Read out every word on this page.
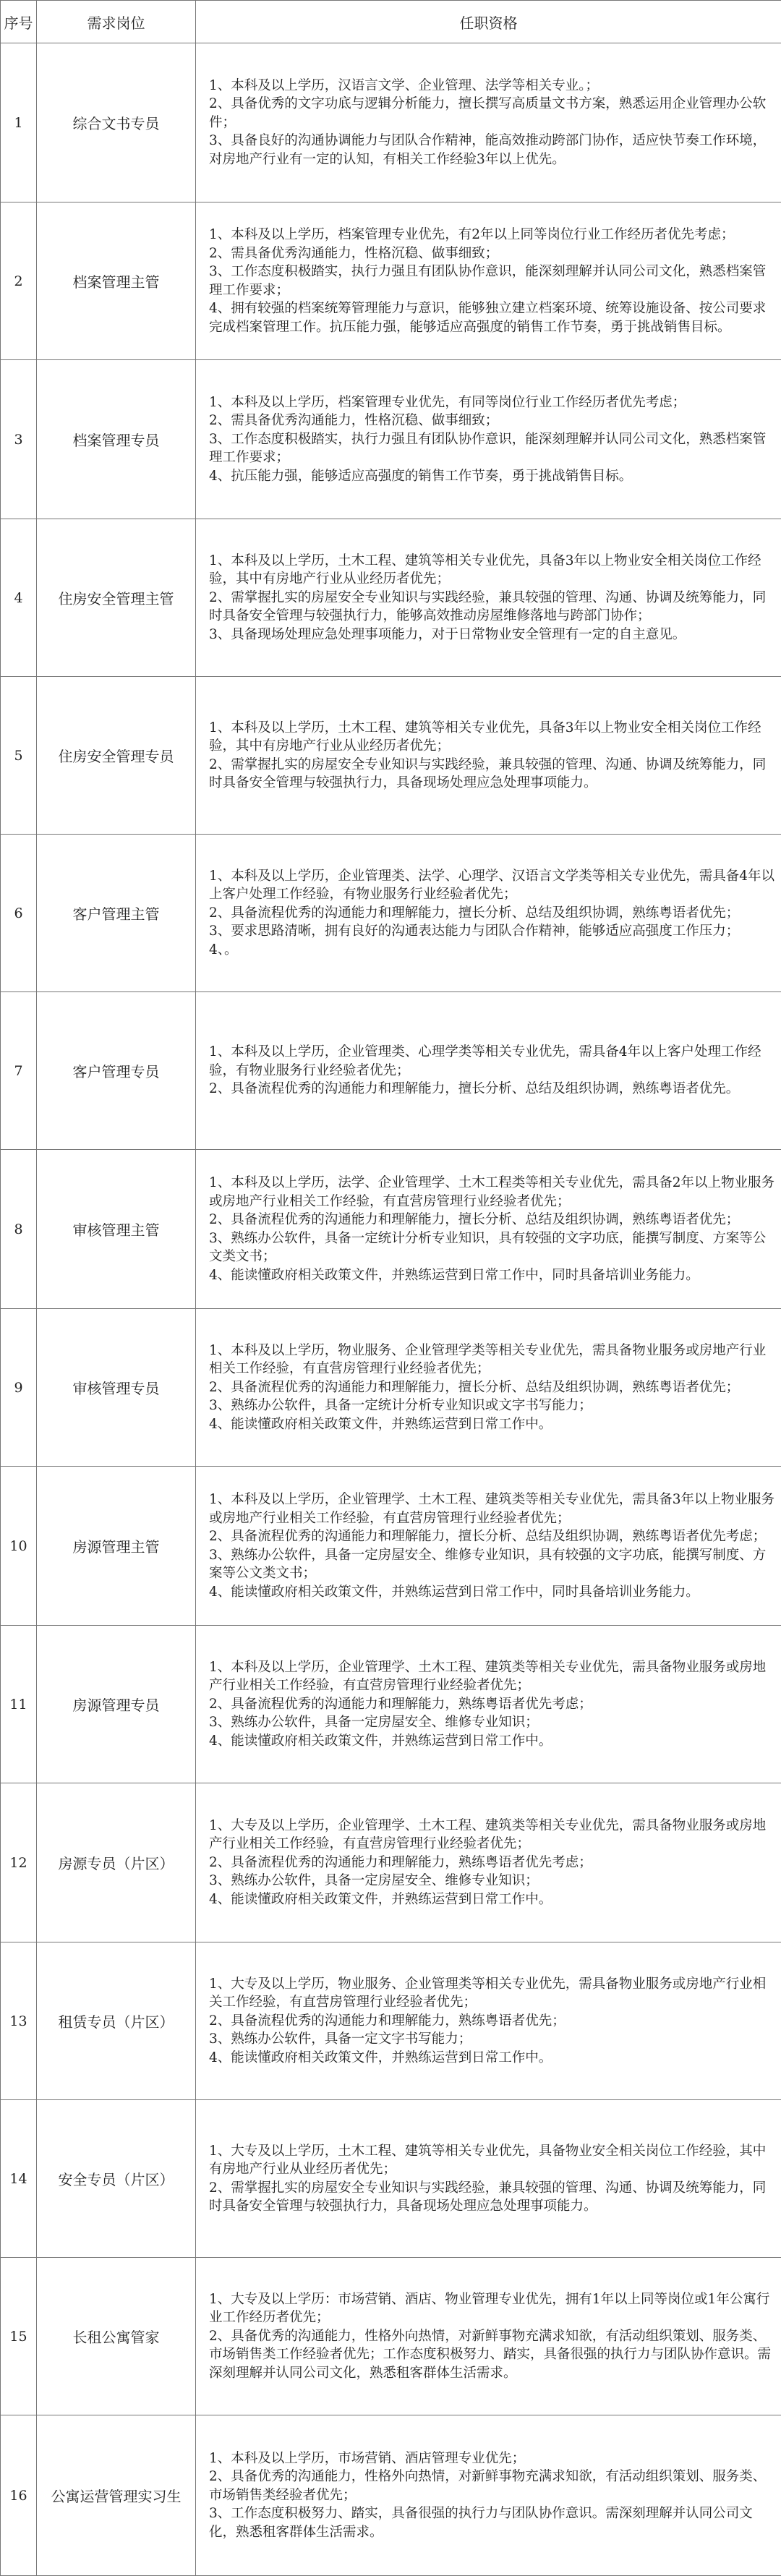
序号	需求岗位	任职资格
1	综合文书专员	1、本科及以上学历，汉语言文学、企业管理、法学等相关专业。；
2、具备优秀的文字功底与逻辑分析能力，擅长撰写高质量文书方案，熟悉运用企业管理办公软件；
3、具备良好的沟通协调能力与团队合作精神，能高效推动跨部门协作，适应快节奏工作环境，对房地产行业有一定的认知，有相关工作经验3年以上优先。

2	档案管理主管	1、本科及以上学历，档案管理专业优先，有2年以上同等岗位行业工作经历者优先考虑；
2、需具备优秀沟通能力，性格沉稳、做事细致；
3、工作态度积极踏实，执行力强且有团队协作意识，能深刻理解并认同公司文化，熟悉档案管理工作要求；
4、拥有较强的档案统筹管理能力与意识，能够独立建立档案环境、统筹设施设备、按公司要求完成档案管理工作。抗压能力强，能够适应高强度的销售工作节奏，勇于挑战销售目标。

3	档案管理专员	1、本科及以上学历，档案管理专业优先，有同等岗位行业工作经历者优先考虑；
2、需具备优秀沟通能力，性格沉稳、做事细致；
3、工作态度积极踏实，执行力强且有团队协作意识，能深刻理解并认同公司文化，熟悉档案管理工作要求；
4、抗压能力强，能够适应高强度的销售工作节奏，勇于挑战销售目标。

4	住房安全管理主管	1、本科及以上学历，土木工程、建筑等相关专业优先，具备3年以上物业安全相关岗位工作经验，其中有房地产行业从业经历者优先；
2、需掌握扎实的房屋安全专业知识与实践经验，兼具较强的管理、沟通、协调及统筹能力，同时具备安全管理与较强执行力，能够高效推动房屋维修落地与跨部门协作；
3、具备现场处理应急处理事项能力，对于日常物业安全管理有一定的自主意见。

5	住房安全管理专员	1、本科及以上学历，土木工程、建筑等相关专业优先，具备3年以上物业安全相关岗位工作经验，其中有房地产行业从业经历者优先；
2、需掌握扎实的房屋安全专业知识与实践经验，兼具较强的管理、沟通、协调及统筹能力，同时具备安全管理与较强执行力，具备现场处理应急处理事项能力。

6	客户管理主管	1、本科及以上学历，企业管理类、法学、心理学、汉语言文学类等相关专业优先，需具备4年以上客户处理工作经验，有物业服务行业经验者优先；
2、具备流程优秀的沟通能力和理解能力，擅长分析、总结及组织协调，熟练粤语者优先；
3、要求思路清晰，拥有良好的沟通表达能力与团队合作精神，能够适应高强度工作压力；
4、。

7	客户管理专员	1、本科及以上学历，企业管理类、心理学类等相关专业优先，需具备4年以上客户处理工作经验，有物业服务行业经验者优先；
2、具备流程优秀的沟通能力和理解能力，擅长分析、总结及组织协调，熟练粤语者优先。

8	审核管理主管	1、本科及以上学历，法学、企业管理学、土木工程类等相关专业优先，需具备2年以上物业服务或房地产行业相关工作经验，有直营房管理行业经验者优先；
2、具备流程优秀的沟通能力和理解能力，擅长分析、总结及组织协调，熟练粤语者优先；
3、熟练办公软件，具备一定统计分析专业知识，具有较强的文字功底，能撰写制度、方案等公文类文书；
4、能读懂政府相关政策文件，并熟练运营到日常工作中，同时具备培训业务能力。

9	审核管理专员	1、本科及以上学历，物业服务、企业管理学类等相关专业优先，需具备物业服务或房地产行业相关工作经验，有直营房管理行业经验者优先；
2、具备流程优秀的沟通能力和理解能力，擅长分析、总结及组织协调，熟练粤语者优先；
3、熟练办公软件，具备一定统计分析专业知识或文字书写能力；
4、能读懂政府相关政策文件，并熟练运营到日常工作中。

10	房源管理主管	1、本科及以上学历，企业管理学、土木工程、建筑类等相关专业优先，需具备3年以上物业服务或房地产行业相关工作经验，有直营房管理行业经验者优先；
2、具备流程优秀的沟通能力和理解能力，擅长分析、总结及组织协调，熟练粤语者优先考虑；
3、熟练办公软件，具备一定房屋安全、维修专业知识，具有较强的文字功底，能撰写制度、方案等公文类文书；
4、能读懂政府相关政策文件，并熟练运营到日常工作中，同时具备培训业务能力。

11	房源管理专员	1、本科及以上学历，企业管理学、土木工程、建筑类等相关专业优先，需具备物业服务或房地产行业相关工作经验，有直营房管理行业经验者优先；
2、具备流程优秀的沟通能力和理解能力，熟练粤语者优先考虑；
3、熟练办公软件，具备一定房屋安全、维修专业知识；
4、能读懂政府相关政策文件，并熟练运营到日常工作中。

12	房源专员（片区）	1、大专及以上学历，企业管理学、土木工程、建筑类等相关专业优先，需具备物业服务或房地产行业相关工作经验，有直营房管理行业经验者优先；
2、具备流程优秀的沟通能力和理解能力，熟练粤语者优先考虑；
3、熟练办公软件，具备一定房屋安全、维修专业知识；
4、能读懂政府相关政策文件，并熟练运营到日常工作中。

13	租赁专员（片区）	1、大专及以上学历，物业服务、企业管理类等相关专业优先，需具备物业服务或房地产行业相关工作经验，有直营房管理行业经验者优先；
2、具备流程优秀的沟通能力和理解能力，熟练粤语者优先；
3、熟练办公软件，具备一定文字书写能力；
4、能读懂政府相关政策文件，并熟练运营到日常工作中。

14	安全专员（片区）	1、大专及以上学历，土木工程、建筑等相关专业优先，具备物业安全相关岗位工作经验，其中有房地产行业从业经历者优先；
2、需掌握扎实的房屋安全专业知识与实践经验，兼具较强的管理、沟通、协调及统筹能力，同时具备安全管理与较强执行力，具备现场处理应急处理事项能力。

15	长租公寓管家	1、大专及以上学历：市场营销、酒店、物业管理专业优先，拥有1年以上同等岗位或1年公寓行业工作经历者优先；
2、具备优秀的沟通能力，性格外向热情，对新鲜事物充满求知欲，有活动组织策划、服务类、市场销售类工作经验者优先；工作态度积极努力、踏实，具备很强的执行力与团队协作意识。需深刻理解并认同公司文化，熟悉租客群体生活需求。

16	公寓运营管理实习生	1、本科及以上学历，市场营销、酒店管理专业优先；
2、具备优秀的沟通能力，性格外向热情，对新鲜事物充满求知欲，有活动组织策划、服务类、市场销售类经验者优先；
3、工作态度积极努力、踏实，具备很强的执行力与团队协作意识。需深刻理解并认同公司文化，熟悉租客群体生活需求。
